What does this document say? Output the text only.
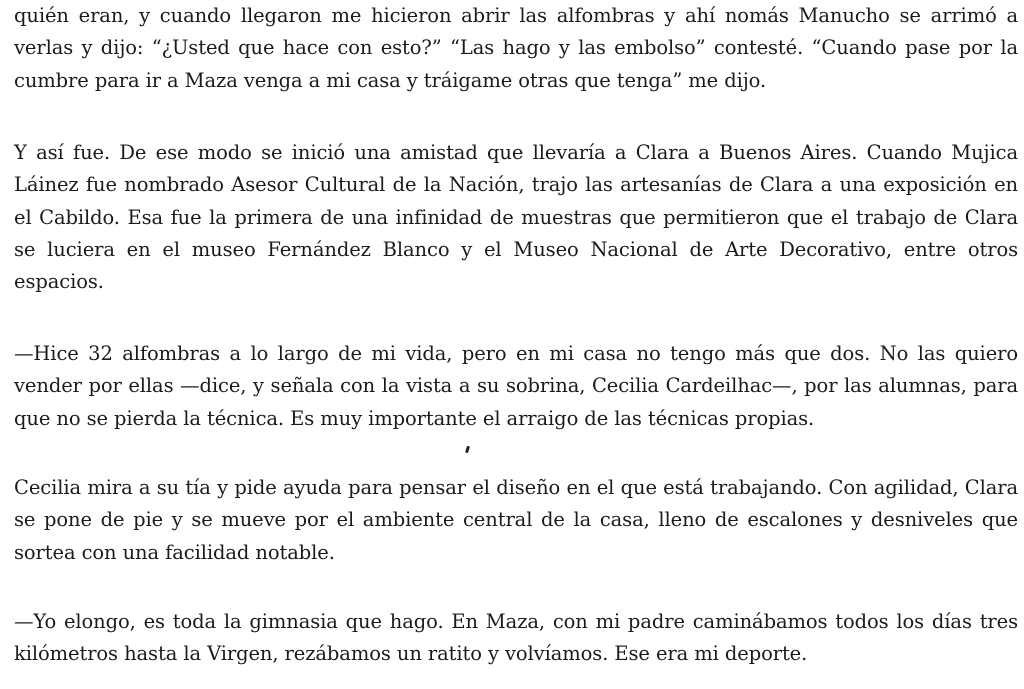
quién eran, y cuando llegaron me hicieron abrir las alfombras y ahí nomás Manucho se arrimó a verlas y dijo: “¿Usted que hace con esto?” “Las hago y las embolso” contesté. “Cuando pase por la cumbre para ir a Maza venga a mi casa y tráigame otras que tenga” me dijo.

Y así fue. De ese modo se inició una amistad que llevaría a Clara a Buenos Aires. Cuando Mujica Láinez fue nombrado Asesor Cultural de la Nación, trajo las artesanías de Clara a una exposición en el Cabildo. Esa fue la primera de una infinidad de muestras que permitieron que el trabajo de Clara se luciera en el museo Fernández Blanco y el Museo Nacional de Arte Decorativo, entre otros espacios.

—Hice 32 alfombras a lo largo de mi vida, pero en mi casa no tengo más que dos. No las quiero vender por ellas —dice, y señala con la vista a su sobrina, Cecilia Cardeilhac—, por las alumnas, para que no se pierda la técnica. Es muy importante el arraigo de las técnicas propias.

Cecilia mira a su tía y pide ayuda para pensar el diseño en el que está trabajando. Con agilidad, Clara se pone de pie y se mueve por el ambiente central de la casa, lleno de escalones y desniveles que sortea con una facilidad notable.

—Yo elongo, es toda la gimnasia que hago. En Maza, con mi padre caminábamos todos los días tres kilómetros hasta la Virgen, rezábamos un ratito y volvíamos. Ese era mi deporte.
